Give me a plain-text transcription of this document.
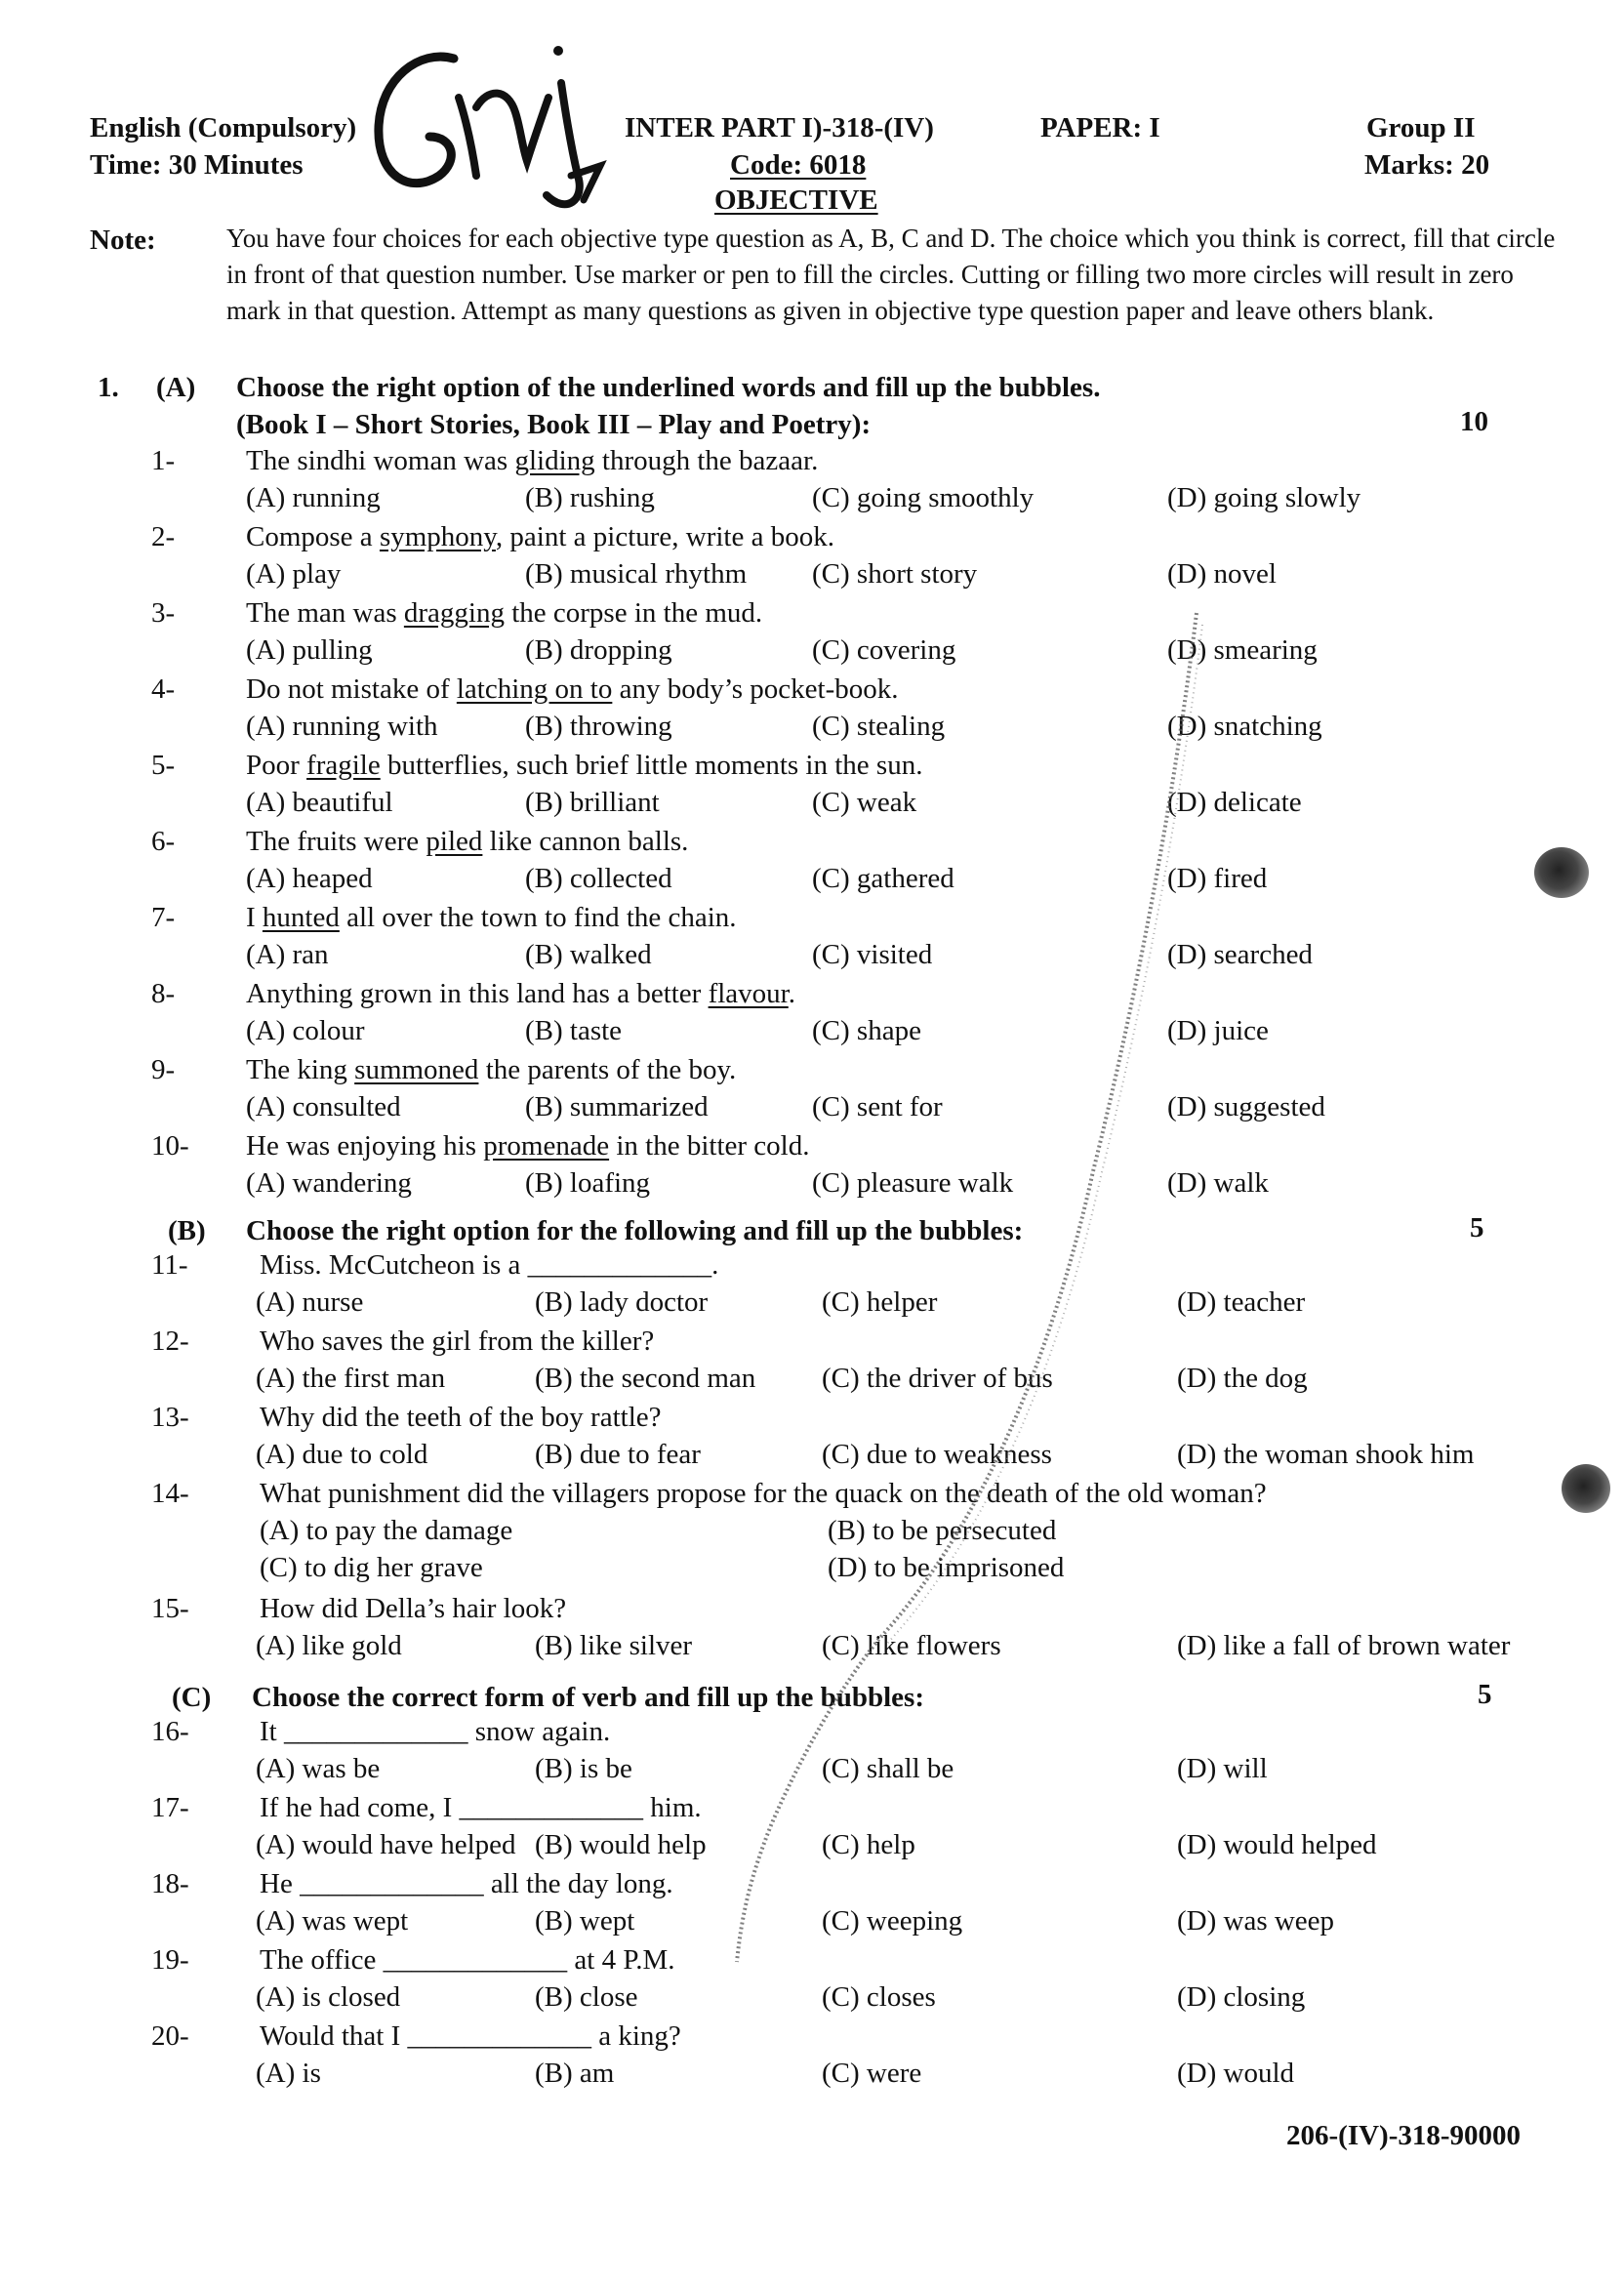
English (Compulsory)
Time: 30 Minutes
INTER PART I)-318-(IV)	PAPER: I
Code: 6018
OBJECTIVE
Group II
Marks: 20
Note:	You have four choices for each objective type question as A, B, C and D. The choice which you think is correct, fill that circle in front of that question number. Use marker or pen to fill the circles. Cutting or filling two more circles will result in zero mark in that question. Attempt as many questions as given in objective type question paper and leave others blank.
1. (A) Choose the right option of the underlined words and fill up the bubbles.
(Book I – Short Stories, Book III – Play and Poetry):	10
(B) Choose the right option for the following and fill up the bubbles:	5
(C) Choose the correct form of verb and fill up the bubbles:	5
1-	The sindhi woman was gliding through the bazaar.
(A) running	(B) rushing	(C) going smoothly	(D) going slowly
2-	Compose a symphony, paint a picture, write a book.
(A) play	(B) musical rhythm (C) short story	(D) novel
3-	The man was dragging the corpse in the mud.
(A) pulling	(B) dropping	(C) covering	(D) smearing
4-	Do not mistake of latching on to any body’s pocket-book.
(A) running with	(B) throwing	(C) stealing	(D) snatching
5-	Poor fragile butterflies, such brief little moments in the sun.
(A) beautiful	(B) brilliant	(C) weak	(D) delicate
6-	The fruits were piled like cannon balls.
(A) heaped	(B) collected	(C) gathered	(D) fired
7-	I hunted all over the town to find the chain.
(A) ran	(B) walked	(C) visited	(D) searched
8-	Anything grown in this land has a better flavour.
(A) colour	(B) taste	(C) shape	(D) juice
9-	The king summoned the parents of the boy.
(A) consulted	(B) summarized	(C) sent for	(D) suggested
10- He was enjoying his promenade in the bitter cold.
(A) wandering	(B) loafing	(C) pleasure walk	(D) walk
11-	Miss. McCutcheon is a _____________.
(A) nurse	(B) lady doctor	(C) helper	(D) teacher
12- Who saves the girl from the killer?
(A) the first man	(B) the second man (C) the driver of bus	(D) the dog
13- Why did the teeth of the boy rattle?
(A) due to cold	(B) due to fear	(C) due to weakness	(D) the woman shook him
14- What punishment did the villagers propose for the quack on the death of the old woman?
(A) to pay the damage	(B) to be persecuted
(C) to dig her grave	(D) to be imprisoned
15- How did Della’s hair look?
(A) like gold	(B) like silver	(C) like flowers	(D) like a fall of brown water
16- It _____________ snow again.
(A) was be	(B) is be	(C) shall be	(D) will
17- If he had come, I _____________ him.
(A) would have helped (B) would help	(C) help	(D) would helped
18- He _____________ all the day long.
(A) was wept	(B) wept	(C) weeping	(D) was weep
19- The office _____________ at 4 P.M.
(A) is closed	(B) close	(C) closes	(D) closing
20- Would that I _____________ a king?
(A) is	(B) am	(C) were	(D) would
206-(IV)-318-90000
